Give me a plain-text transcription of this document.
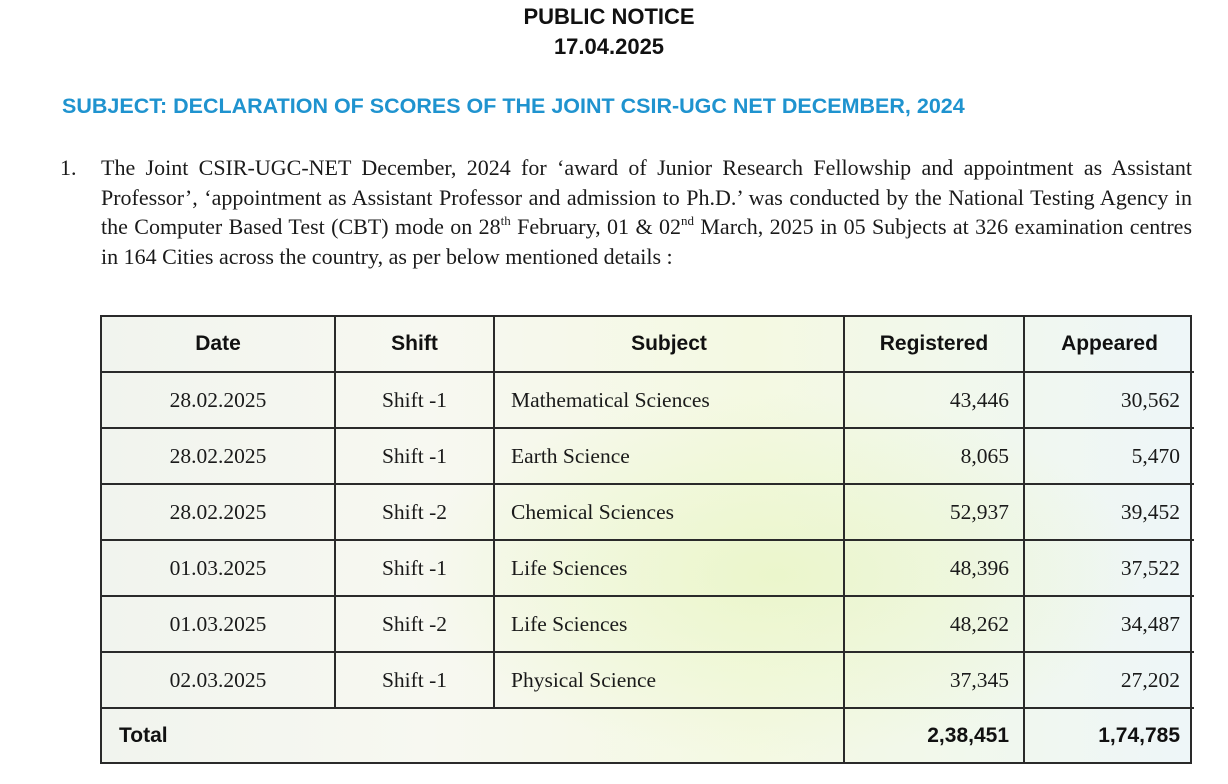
PUBLIC NOTICE
17.04.2025
SUBJECT: DECLARATION OF SCORES OF THE JOINT CSIR-UGC NET DECEMBER, 2024
1. The Joint CSIR-UGC-NET December, 2024 for ‘award of Junior Research Fellowship and appointment as Assistant Professor’, ‘appointment as Assistant Professor and admission to Ph.D.’ was conducted by the National Testing Agency in the Computer Based Test (CBT) mode on 28th February, 01 & 02nd March, 2025 in 05 Subjects at 326 examination centres in 164 Cities across the country, as per below mentioned details :
Date	Shift	Subject	Registered	Appeared
28.02.2025	Shift -1	Mathematical Sciences	43,446	30,562
28.02.2025	Shift -1	Earth Science	8,065	5,470
28.02.2025	Shift -2	Chemical Sciences	52,937	39,452
01.03.2025	Shift -1	Life Sciences	48,396	37,522
01.03.2025	Shift -2	Life Sciences	48,262	34,487
02.03.2025	Shift -1	Physical Science	37,345	27,202
Total			2,38,451	1,74,785
